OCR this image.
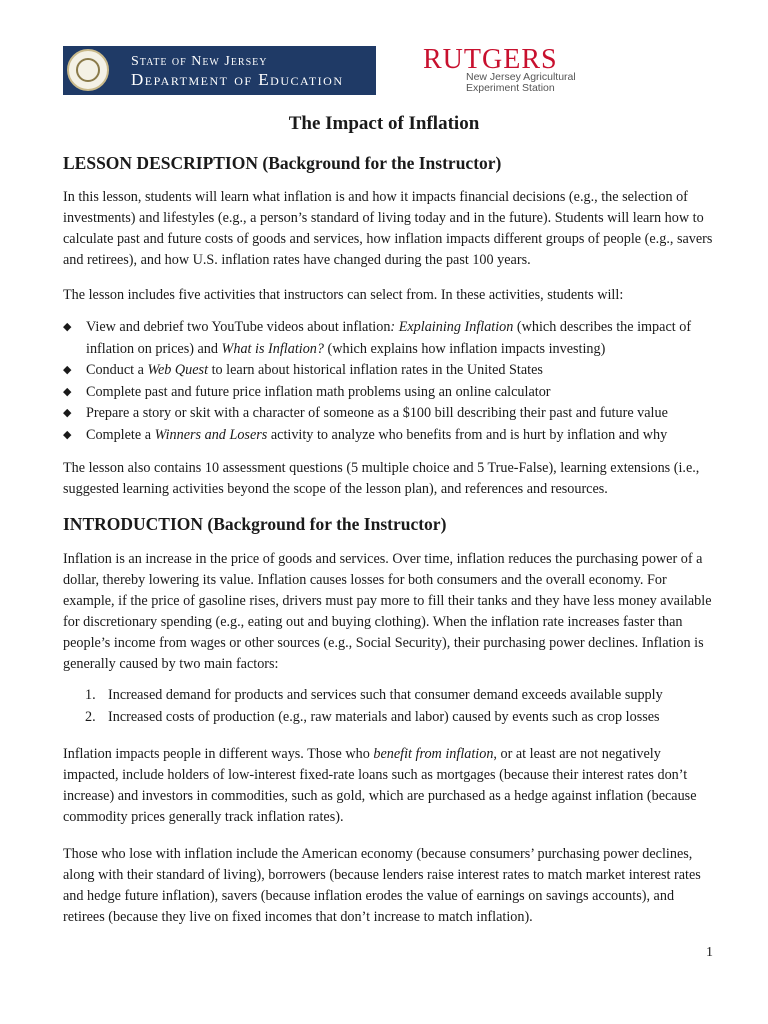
State of New Jersey
Department of Education
RUTGERS
New Jersey Agricultural
Experiment Station
The Impact of Inflation
LESSON DESCRIPTION (Background for the Instructor)

In this lesson, students will learn what inflation is and how it impacts financial decisions (e.g., the selection of investments) and lifestyles (e.g., a person’s standard of living today and in the future). Students will learn how to calculate past and future costs of goods and services, how inflation impacts different groups of people (e.g., savers and retirees), and how U.S. inflation rates have changed during the past 100 years.

The lesson includes five activities that instructors can select from. In these activities, students will:

◆ View and debrief two YouTube videos about inflation: Explaining Inflation (which describes the impact of inflation on prices) and What is Inflation? (which explains how inflation impacts investing)
◆ Conduct a Web Quest to learn about historical inflation rates in the United States
◆ Complete past and future price inflation math problems using an online calculator
◆ Prepare a story or skit with a character of someone as a $100 bill describing their past and future value
◆ Complete a Winners and Losers activity to analyze who benefits from and is hurt by inflation and why

The lesson also contains 10 assessment questions (5 multiple choice and 5 True-False), learning extensions (i.e., suggested learning activities beyond the scope of the lesson plan), and references and resources.

INTRODUCTION (Background for the Instructor)

Inflation is an increase in the price of goods and services. Over time, inflation reduces the purchasing power of a dollar, thereby lowering its value. Inflation causes losses for both consumers and the overall economy. For example, if the price of gasoline rises, drivers must pay more to fill their tanks and they have less money available for discretionary spending (e.g., eating out and buying clothing). When the inflation rate increases faster than people’s income from wages or other sources (e.g., Social Security), their purchasing power declines. Inflation is generally caused by two main factors:

1. Increased demand for products and services such that consumer demand exceeds available supply
2. Increased costs of production (e.g., raw materials and labor) caused by events such as crop losses

Inflation impacts people in different ways. Those who benefit from inflation, or at least are not negatively impacted, include holders of low-interest fixed-rate loans such as mortgages (because their interest rates don’t increase) and investors in commodities, such as gold, which are purchased as a hedge against inflation (because commodity prices generally track inflation rates).

Those who lose with inflation include the American economy (because consumers’ purchasing power declines, along with their standard of living), borrowers (because lenders raise interest rates to match market interest rates and hedge future inflation), savers (because inflation erodes the value of earnings on savings accounts), and retirees (because they live on fixed incomes that don’t increase to match inflation).

1
